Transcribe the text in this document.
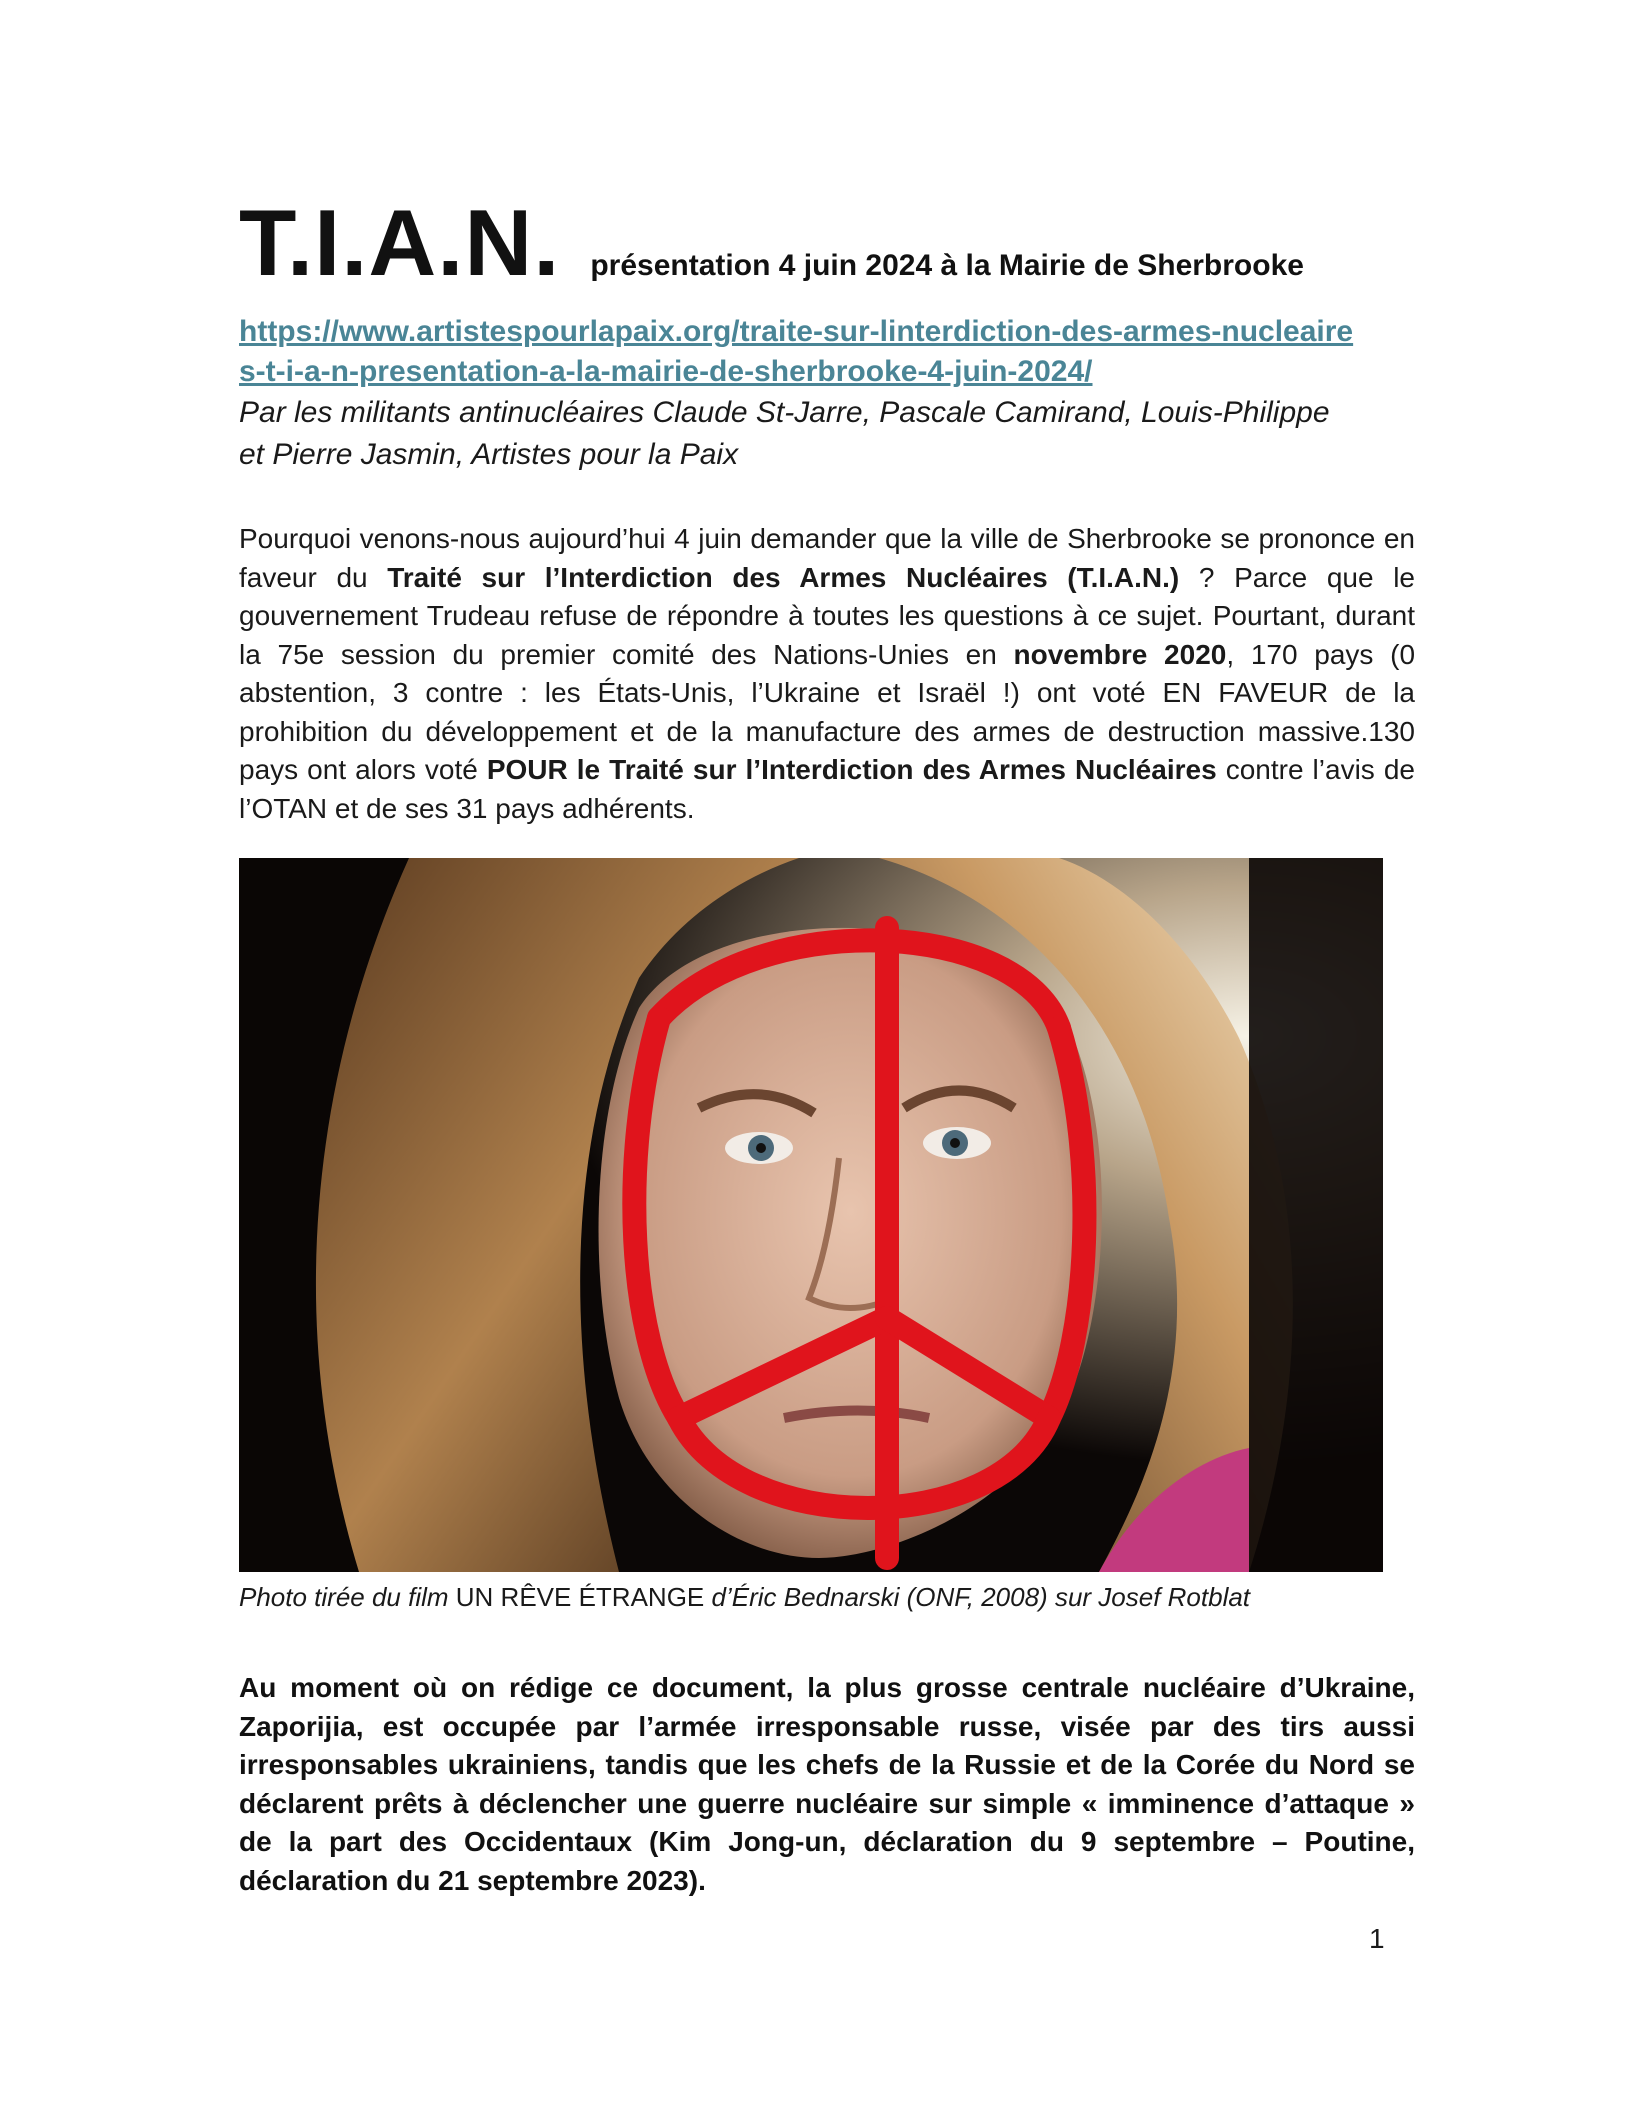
T.I.A.N. présentation 4 juin 2024 à la Mairie de Sherbrooke
https://www.artistespourlapaix.org/traite-sur-linterdiction-des-armes-nucleaires-t-i-a-n-presentation-a-la-mairie-de-sherbrooke-4-juin-2024/

Par les militants antinucléaires Claude St-Jarre, Pascale Camirand, Louis-Philippe
et Pierre Jasmin, Artistes pour la Paix

Pourquoi venons-nous aujourd’hui 4 juin demander que la ville de Sherbrooke se prononce en faveur du Traité sur l’Interdiction des Armes Nucléaires (T.I.A.N.) ? Parce que le gouvernement Trudeau refuse de répondre à toutes les questions à ce sujet. Pourtant, durant la 75e session du premier comité des Nations-Unies en novembre 2020, 170 pays (0 abstention, 3 contre : les États-Unis, l’Ukraine et Israël !) ont voté EN FAVEUR de la prohibition du développement et de la manufacture des armes de destruction massive.130 pays ont alors voté POUR le Traité sur l’Interdiction des Armes Nucléaires contre l’avis de l’OTAN et de ses 31 pays adhérents.

Photo tirée du film UN RÊVE ÉTRANGE d’Éric Bednarski (ONF, 2008) sur Josef Rotblat

Au moment où on rédige ce document, la plus grosse centrale nucléaire d’Ukraine, Zaporijia, est occupée par l’armée irresponsable russe, visée par des tirs aussi irresponsables ukrainiens, tandis que les chefs de la Russie et de la Corée du Nord se déclarent prêts à déclencher une guerre nucléaire sur simple « imminence d’attaque » de la part des Occidentaux (Kim Jong-un, déclaration du 9 septembre – Poutine, déclaration du 21 septembre 2023).

1
